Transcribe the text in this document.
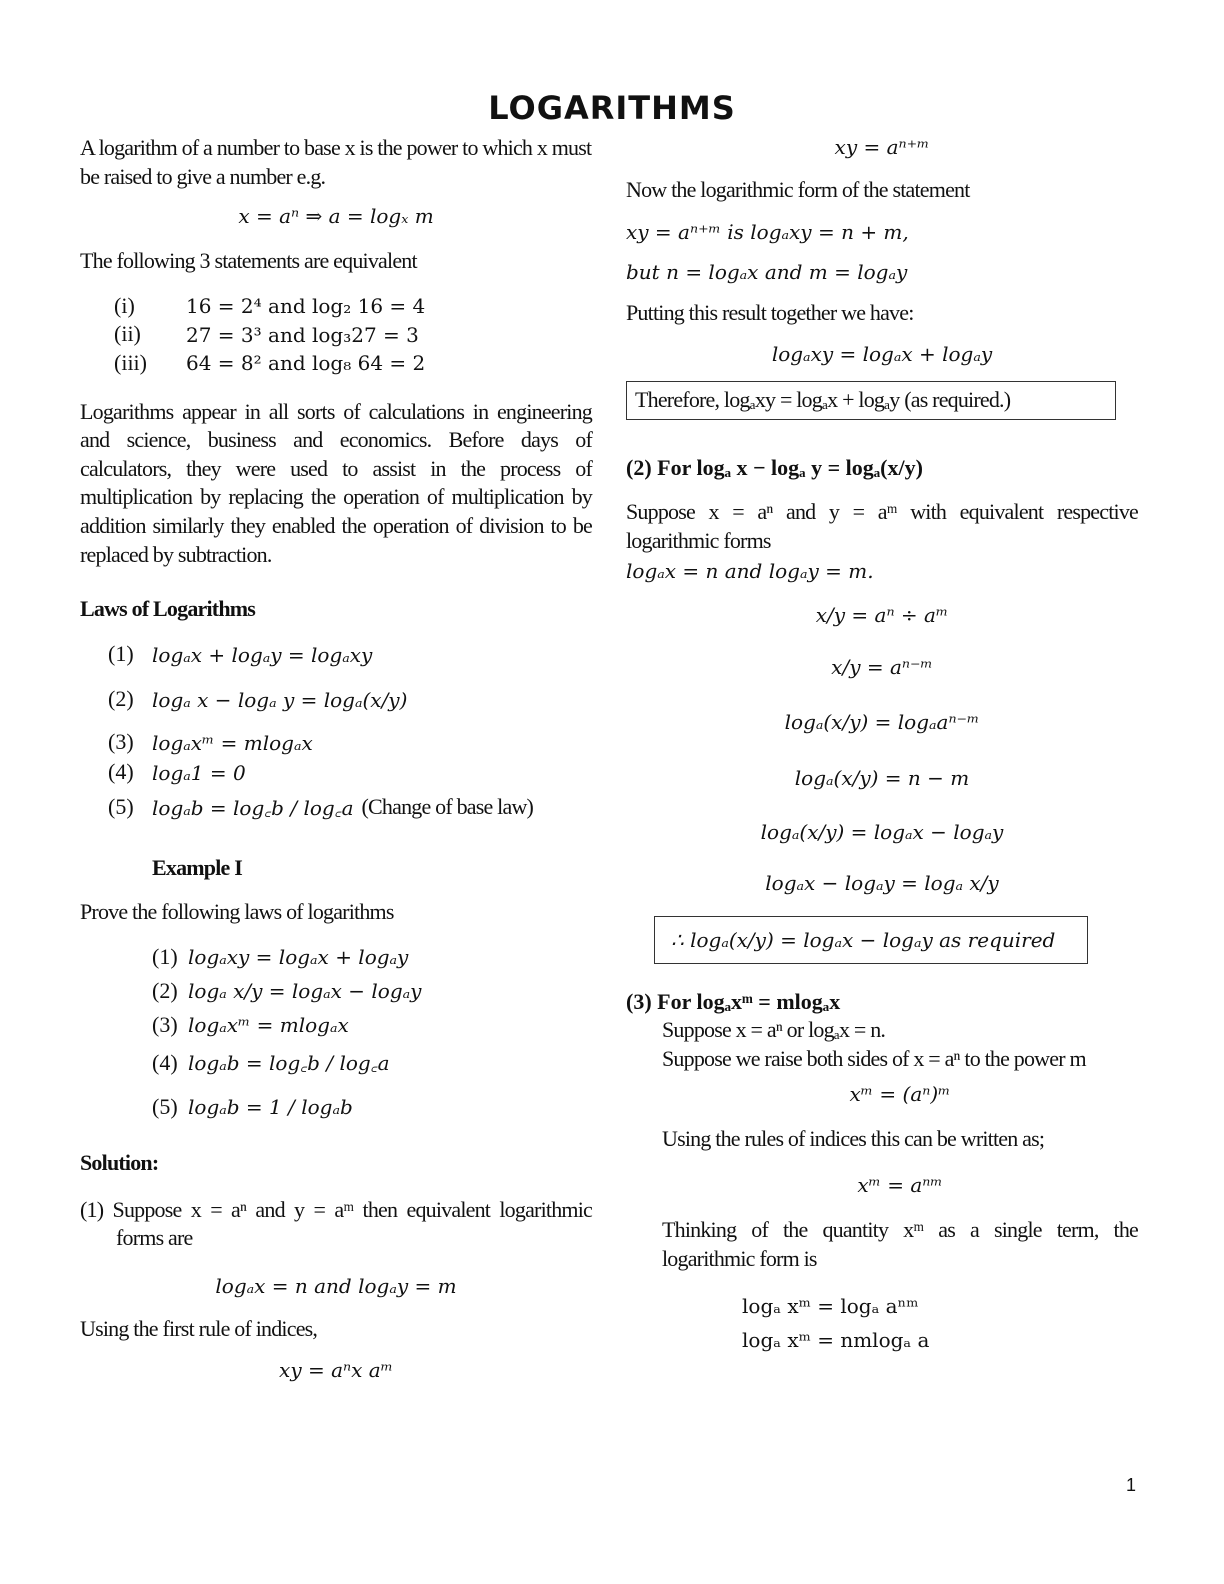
LOGARITHMS

A logarithm of a number to base x is the power to which x must be raised to give a number e.g.

x = aⁿ ⇒ a = logₓ m

The following 3 statements are equivalent

(i)	16 = 2⁴ and log₂ 16 = 4
(ii)	27 = 3³ and log₃27 = 3
(iii)	64 = 8² and log₈ 64 = 2

Logarithms appear in all sorts of calculations in engineering and science, business and economics. Before days of calculators, they were used to assist in the process of multiplication by replacing the operation of multiplication by addition similarly they enabled the operation of division to be replaced by subtraction.

Laws of Logarithms

(1) logₐx + logₐy = logₐxy
(2) logₐ x − logₐ y = logₐ(x/y)
(3) logₐxᵐ = mlogₐx
(4) logₐ1 = 0
(5) logₐb = log꜀b / log꜀a (Change of base law)

Example I

Prove the following laws of logarithms

(1) logₐxy = logₐx + logₐy
(2) logₐ x/y = logₐx − logₐy
(3) logₐxᵐ = mlogₐx
(4) logₐb = log꜀b / log꜀a
(5) logₐb = 1 / logₐb

Solution:

(1) Suppose x = aⁿ and y = aᵐ then equivalent logarithmic forms are

logₐx = n and logₐy = m

Using the first rule of indices,

xy = aⁿx aᵐ

xy = aⁿ⁺ᵐ

Now the logarithmic form of the statement

xy = aⁿ⁺ᵐ is logₐxy = n + m,

but n = logₐx and m = logₐy

Putting this result together we have:

logₐxy = logₐx + logₐy

Therefore, logₐxy = logₐx + logₐy (as required.)

(2) For logₐ x − logₐ y = logₐ(x/y)

Suppose x = aⁿ and y = aᵐ with equivalent respective logarithmic forms

logₐx = n and logₐy = m.

x/y = aⁿ ÷ aᵐ

x/y = aⁿ⁻ᵐ

logₐ(x/y) = logₐaⁿ⁻ᵐ

logₐ(x/y) = n − m

logₐ(x/y) = logₐx − logₐy

logₐx − logₐy = logₐ x/y

∴ logₐ(x/y) = logₐx − logₐy as required

(3) For logₐxᵐ = mlogₐx

Suppose x = aⁿ or logₐx = n.

Suppose we raise both sides of x = aⁿ to the power m

xᵐ = (aⁿ)ᵐ

Using the rules of indices this can be written as;

xᵐ = aⁿᵐ

Thinking of the quantity xᵐ as a single term, the logarithmic form is

logₐ xᵐ = logₐ aⁿᵐ

logₐ xᵐ = nmlogₐ a

1
